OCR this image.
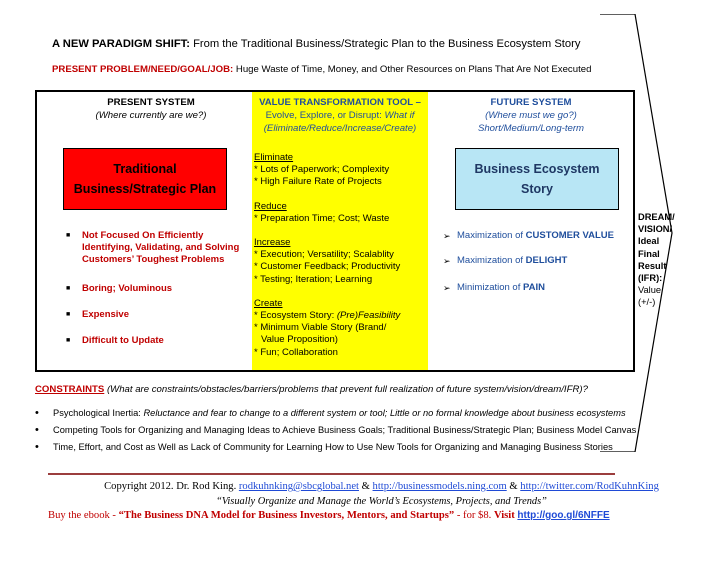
A NEW PARADIGM SHIFT: From the Traditional Business/Strategic Plan to the Business Ecosystem Story
PRESENT PROBLEM/NEED/GOAL/JOB: Huge Waste of Time, Money, and Other Resources on Plans That Are Not Executed
PRESENT SYSTEM
(Where currently are we?)
VALUE TRANSFORMATION TOOL –
Evolve, Explore, or Disrupt: What if
(Eliminate/Reduce/Increase/Create)
FUTURE SYSTEM
(Where must we go?)
Short/Medium/Long-term
Traditional
Business/Strategic Plan
Business Ecosystem
Story
Eliminate
* Lots of Paperwork; Complexity
* High Failure Rate of Projects
Reduce
* Preparation Time; Cost; Waste
Increase
* Execution; Versatility; Scalablity
* Customer Feedback; Productivity
* Testing; Iteration; Learning
Create
* Ecosystem Story: (Pre)Feasibility
* Minimum Viable Story (Brand/
Value Proposition)
* Fun; Collaboration
■ Not Focused On Efficiently Identifying, Validating, and Solving Customers’ Toughest Problems
■ Boring; Voluminous
■ Expensive
■ Difficult to Update
➢ Maximization of CUSTOMER VALUE
➢ Maximization of DELIGHT
➢ Minimization of PAIN
DREAM/
VISION/
Ideal
Final
Result
(IFR):
Value
(+/-)
CONSTRAINTS (What are constraints/obstacles/barriers/problems that prevent full realization of future system/vision/dream/IFR)?
• Psychological Inertia: Reluctance and fear to change to a different system or tool; Little or no formal knowledge about business ecosystems
• Competing Tools for Organizing and Managing Ideas to Achieve Business Goals; Traditional Business/Strategic Plan; Business Model Canvas
• Time, Effort, and Cost as Well as Lack of Community for Learning How to Use New Tools for Organizing and Managing Business Stories
Copyright 2012. Dr. Rod King. rodkuhnking@sbcglobal.net & http://businessmodels.ning.com & http://twitter.com/RodKuhnKing
“Visually Organize and Manage the World’s Ecosystems, Projects, and Trends”
Buy the ebook - “The Business DNA Model for Business Investors, Mentors, and Startups” - for $8. Visit http://goo.gl/6NFFE
